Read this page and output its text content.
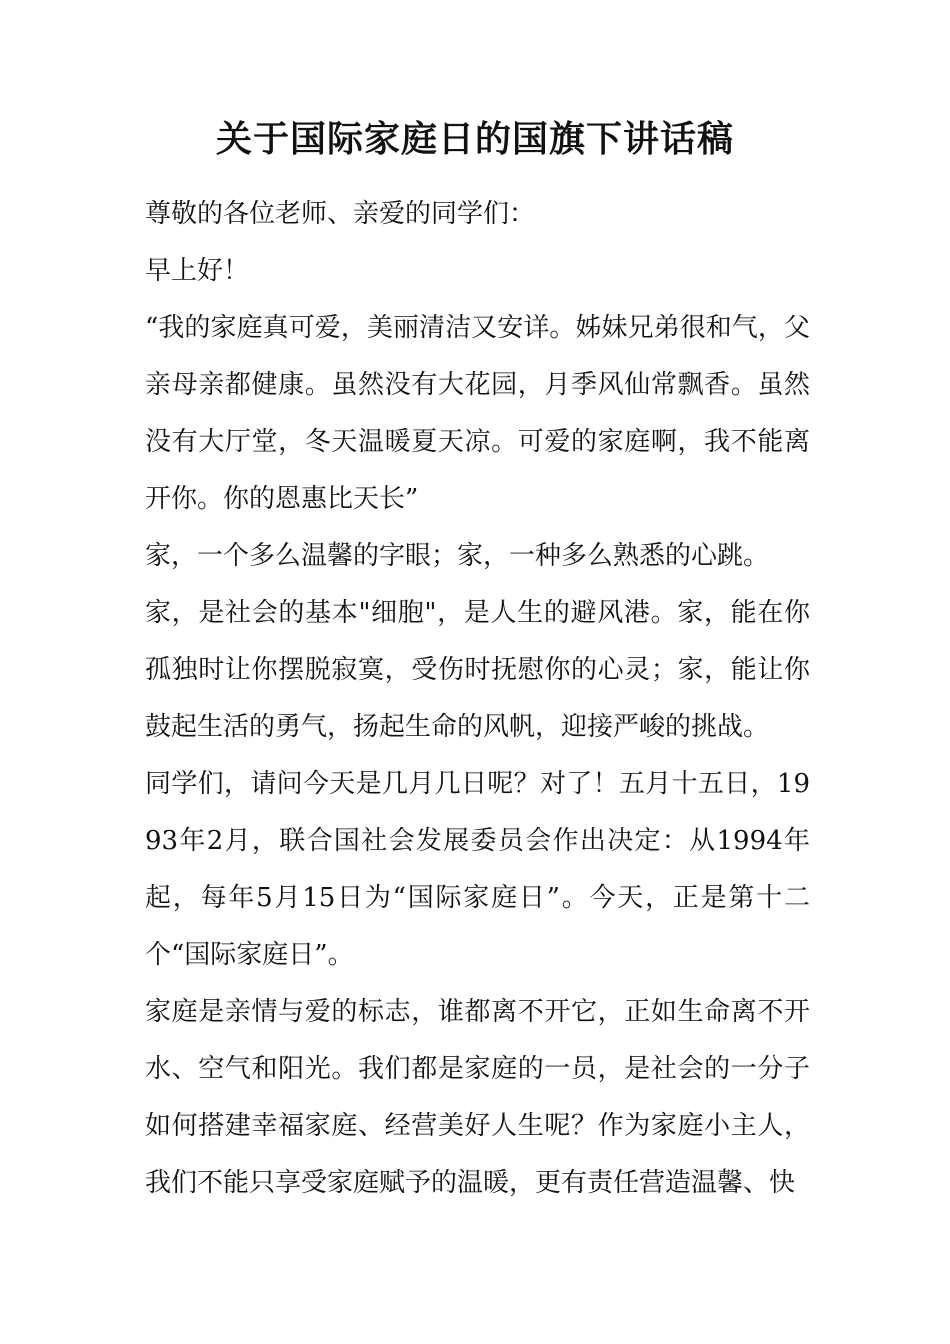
关于国际家庭日的国旗下讲话稿

尊敬的各位老师、亲爱的同学们：

早上好！

“我的家庭真可爱，美丽清洁又安详。姊妹兄弟很和气，父亲母亲都健康。虽然没有大花园，月季风仙常飘香。虽然没有大厅堂，冬天温暖夏天凉。可爱的家庭啊，我不能离开你。你的恩惠比天长”

家，一个多么温馨的字眼；家，一种多么熟悉的心跳。

家，是社会的基本"细胞"，是人生的避风港。家，能在你孤独时让你摆脱寂寞，受伤时抚慰你的心灵；家，能让你鼓起生活的勇气，扬起生命的风帆，迎接严峻的挑战。

同学们，请问今天是几月几日呢？对了！五月十五日，1993年2月，联合国社会发展委员会作出决定：从1994年起，每年5月15日为“国际家庭日”。今天，正是第十二个“国际家庭日”。

家庭是亲情与爱的标志，谁都离不开它，正如生命离不开水、空气和阳光。我们都是家庭的一员，是社会的一分子如何搭建幸福家庭、经营美好人生呢？作为家庭小主人，我们不能只享受家庭赋予的温暖，更有责任营造温馨、快
